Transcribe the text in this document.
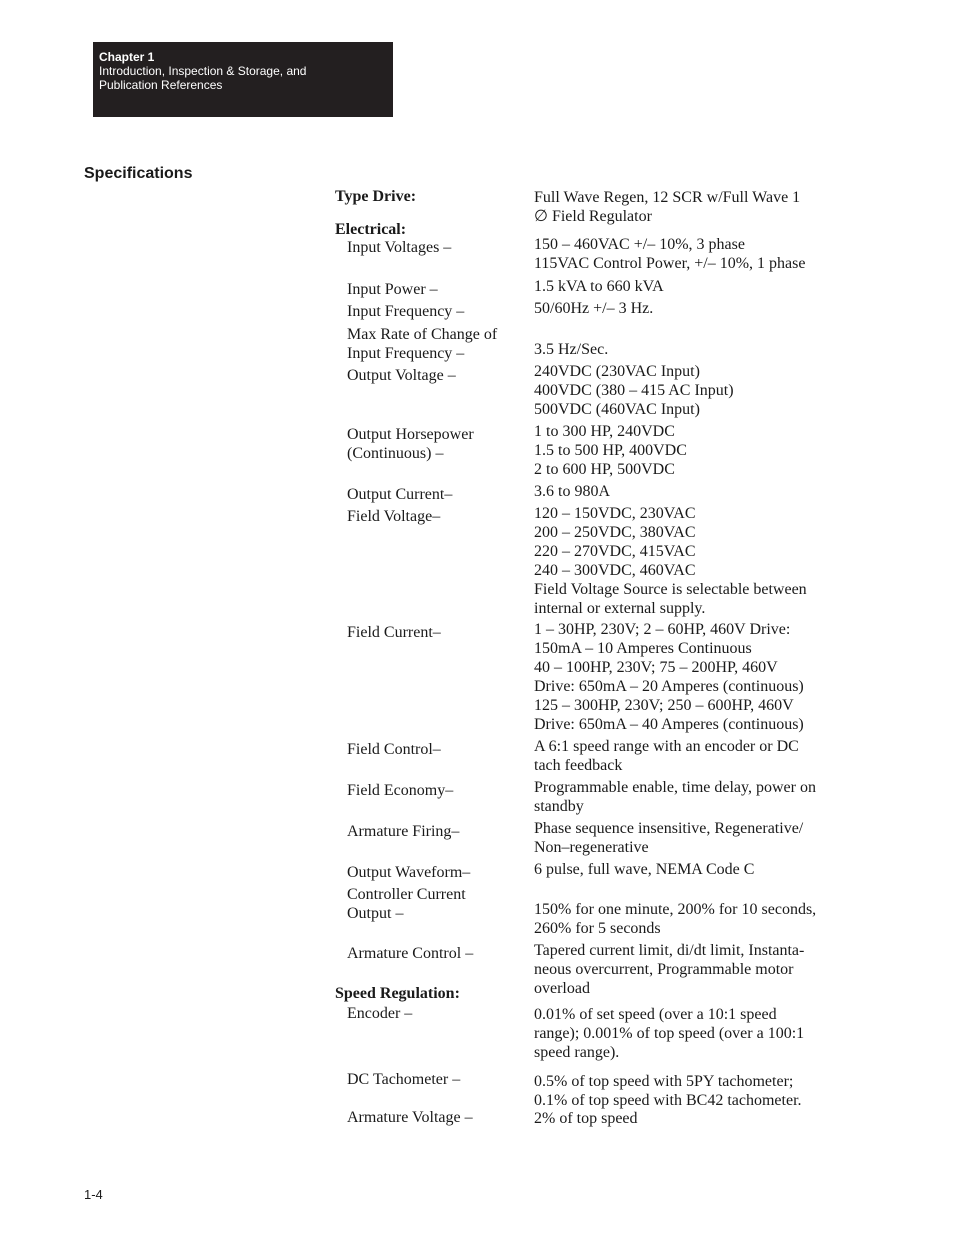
Chapter 1
Introduction, Inspection & Storage, and
Publication References
Specifications
Type Drive:	Full Wave Regen, 12 SCR w/Full Wave 1
∅ Field Regulator
Electrical:
Input Voltages –	150 – 460VAC +/– 10%, 3 phase
115VAC Control Power, +/– 10%, 1 phase
Input Power –	1.5 kVA to 660 kVA
Input Frequency –	50/60Hz +/– 3 Hz.
Max Rate of Change of
Input Frequency –	3.5 Hz/Sec.
Output Voltage –	240VDC (230VAC Input)
400VDC (380 – 415 AC Input)
500VDC (460VAC Input)
Output Horsepower
(Continuous) –
1 to 300 HP, 240VDC
1.5 to 500 HP, 400VDC
2 to 600 HP, 500VDC
Output Current–	3.6 to 980A
Field Voltage–	120 – 150VDC, 230VAC
200 – 250VDC, 380VAC
220 – 270VDC, 415VAC
240 – 300VDC, 460VAC
Field Voltage Source is selectable between
internal or external supply.
Field Current–	1 – 30HP, 230V; 2 – 60HP, 460V Drive:
150mA – 10 Amperes Continuous
40 – 100HP, 230V; 75 – 200HP, 460V
Drive: 650mA – 20 Amperes (continuous)
125 – 300HP, 230V; 250 – 600HP, 460V
Drive: 650mA – 40 Amperes (continuous)
Field Control–	A 6:1 speed range with an encoder or DC
tach feedback
Field Economy–	Programmable enable, time delay, power on
standby
Armature Firing–	Phase sequence insensitive, Regenerative/
Non–regenerative
Output Waveform–	6 pulse, full wave, NEMA Code C
Controller Current
Output –	150% for one minute, 200% for 10 seconds,
260% for 5 seconds
Armature Control –	Tapered current limit, di/dt limit, Instanta-
neous overcurrent, Programmable motor
overload
Speed Regulation:
Encoder –	0.01% of set speed (over a 10:1 speed
range); 0.001% of top speed (over a 100:1
speed range).
DC Tachometer –	0.5% of top speed with 5PY tachometer;
0.1% of top speed with BC42 tachometer.
Armature Voltage –	2% of top speed
1-4
